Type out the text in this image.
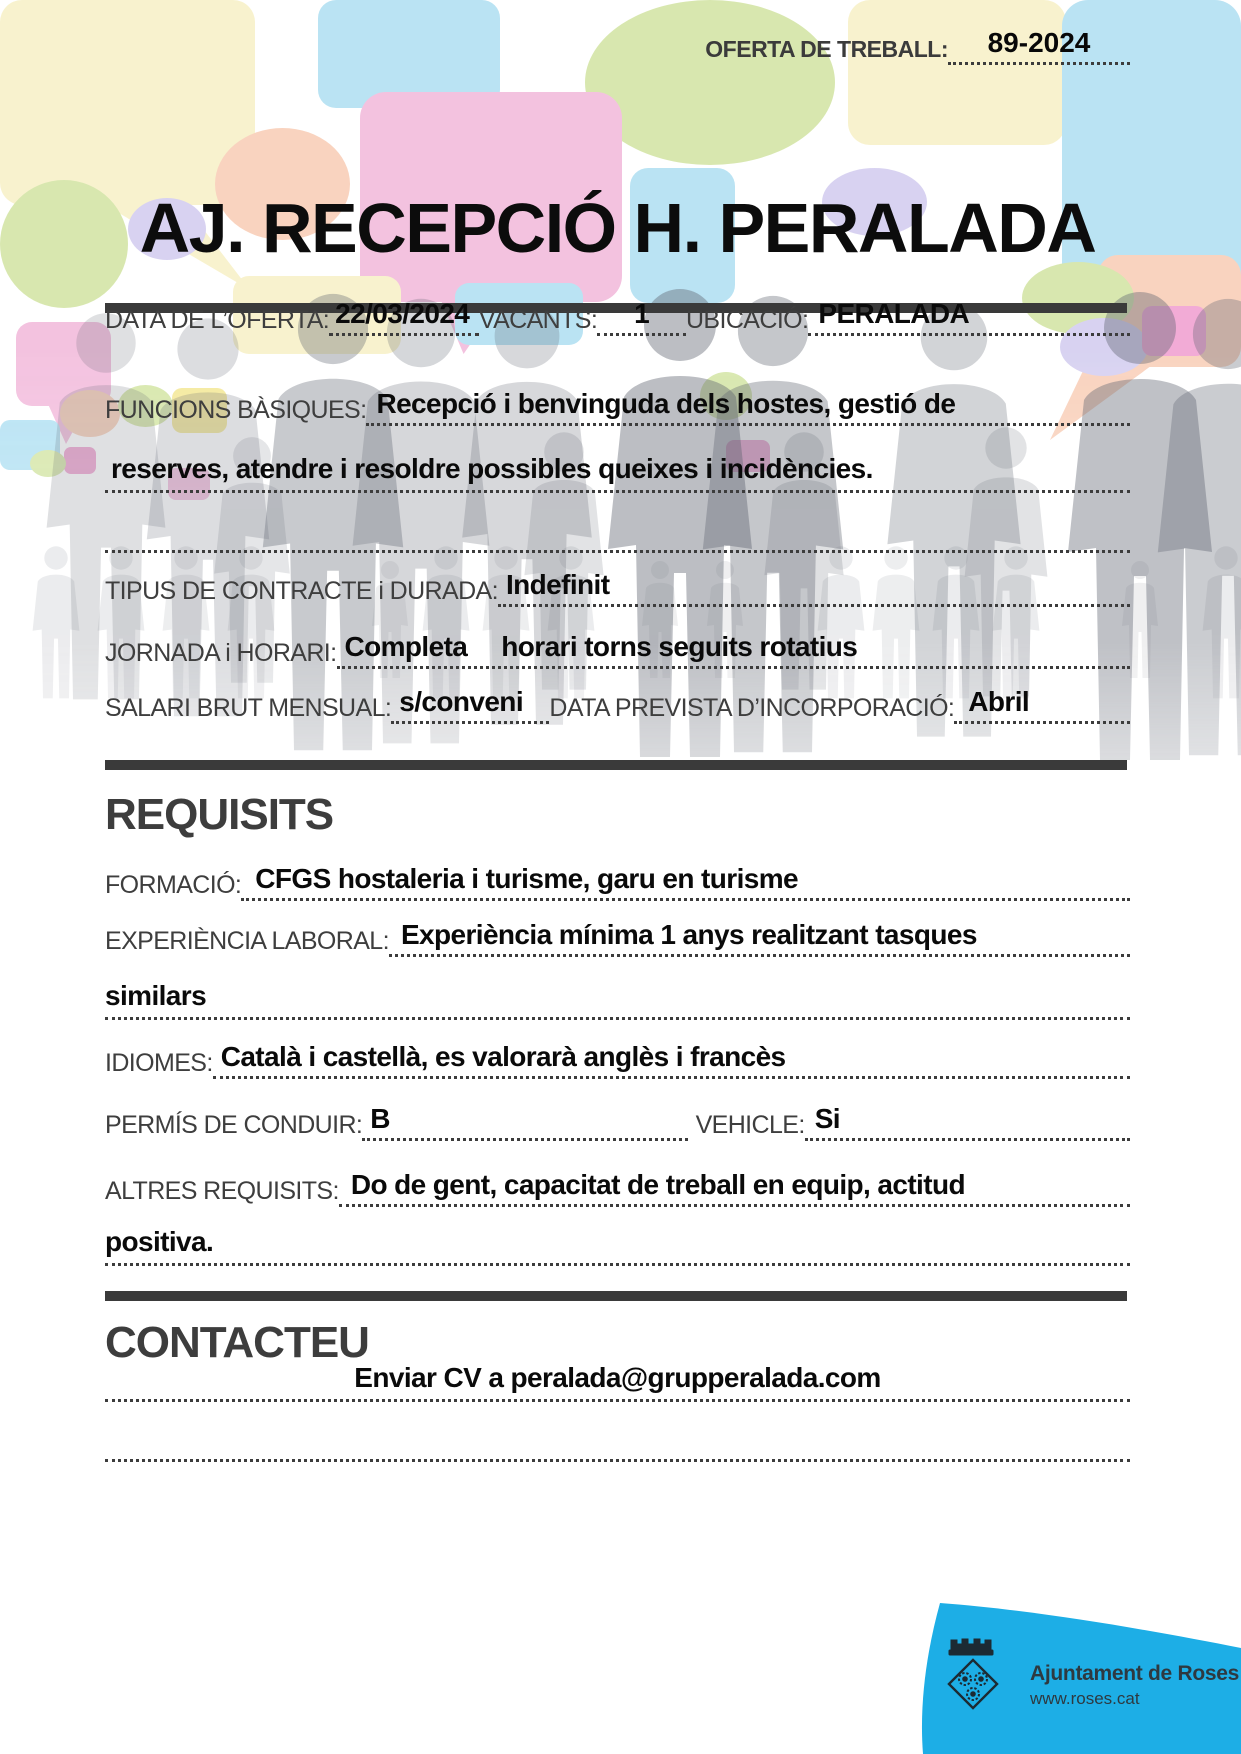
OFERTA DE TREBALL:	89-2024
AJ. RECEPCIÓ H. PERALADA
DATA DE L’OFERTA: 22/03/2024 VACANTS:	1	UBICACIÓ: PERALADA
FUNCIONS BÀSIQUES: Recepció i benvinguda dels hostes, gestió de
reserves, atendre i resoldre possibles queixes i incidències.
TIPUS DE CONTRACTE i DURADA: Indefinit
JORNADA i HORARI: Completa horari torns seguits rotatius
SALARI BRUT MENSUAL: s/conveni	DATA PREVISTA D’INCORPORACIÓ: Abril
REQUISITS
FORMACIÓ: CFGS hostaleria i turisme, garu en turisme
EXPERIÈNCIA LABORAL: Experiència mínima 1 anys realitzant tasques
similars
IDIOMES: Català i castellà, es valorarà anglès i francès
PERMÍS DE CONDUIR: B	VEHICLE: Si
ALTRES REQUISITS: Do de gent, capacitat de treball en equip, actitud
positiva.
CONTACTEU
Enviar CV a peralada@grupperalada.com
Ajuntament de Roses
www.roses.cat
